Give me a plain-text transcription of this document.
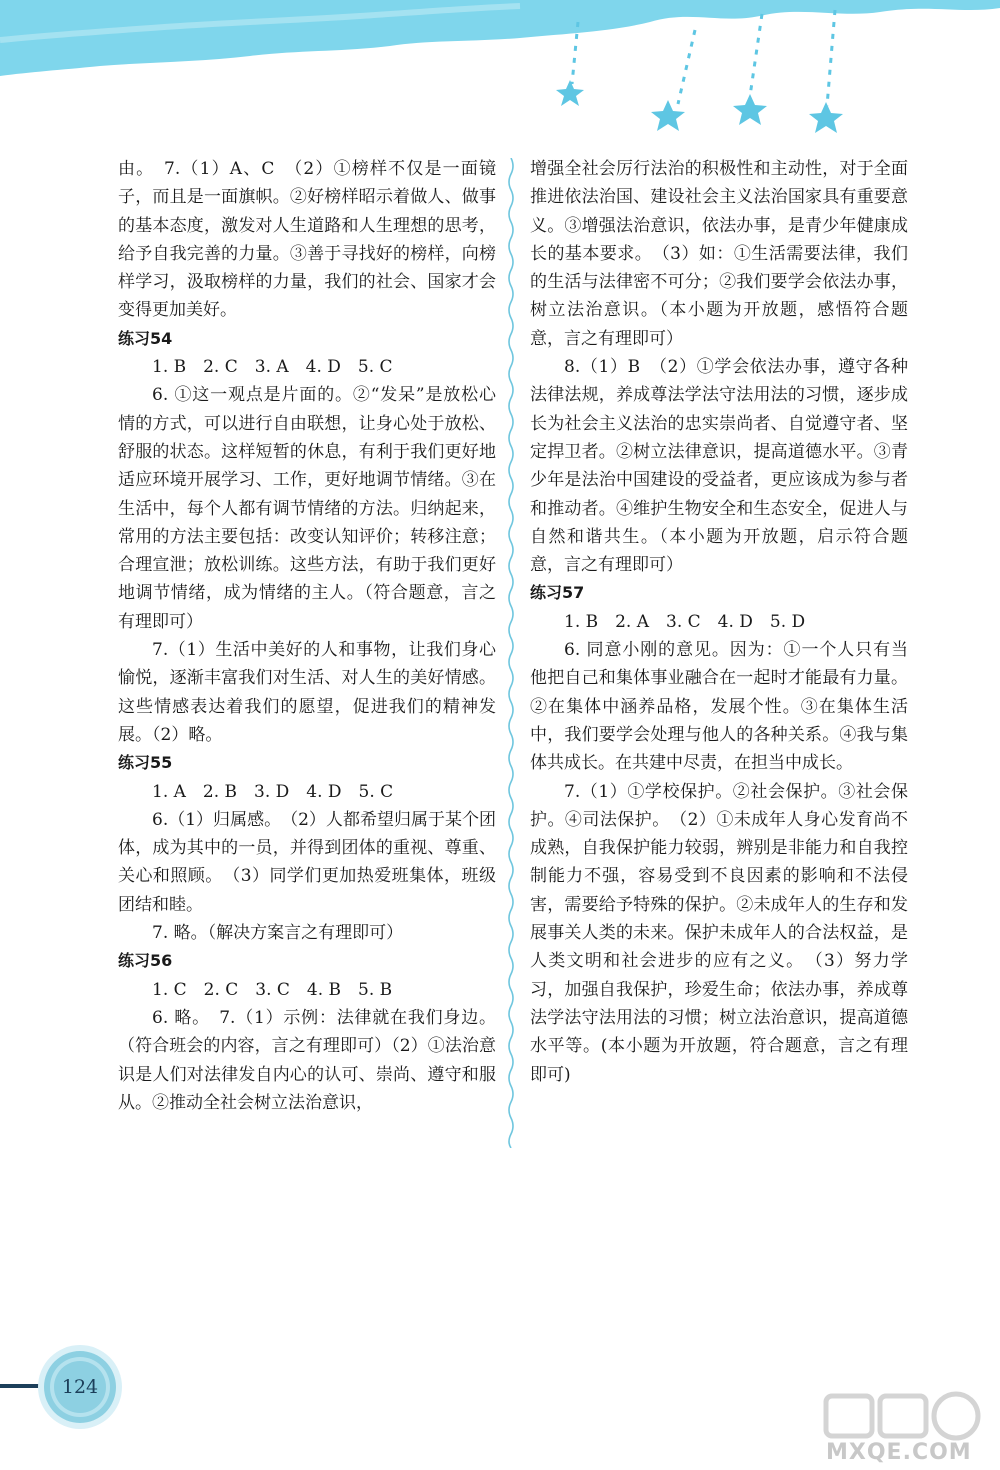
由。　7.（1）A、C　（2）①榜样不仅是一面镜子，而且是一面旗帜。②好榜样昭示着做人、做事的基本态度，激发对人生道路和人生理想的思考，给予自我完善的力量。③善于寻找好的榜样，向榜样学习，汲取榜样的力量，我们的社会、国家才会变得更加美好。

练习54

1. B　2. C　3. A　4. D　5. C

6. ①这一观点是片面的。②“发呆”是放松心情的方式，可以进行自由联想，让身心处于放松、舒服的状态。这样短暂的休息，有利于我们更好地适应环境开展学习、工作，更好地调节情绪。③在生活中，每个人都有调节情绪的方法。归纳起来，常用的方法主要包括：改变认知评价；转移注意；合理宣泄；放松训练。这些方法，有助于我们更好地调节情绪，成为情绪的主人。（符合题意，言之有理即可）

7.（1）生活中美好的人和事物，让我们身心愉悦，逐渐丰富我们对生活、对人生的美好情感。这些情感表达着我们的愿望，促进我们的精神发展。（2）略。

练习55

1. A　2. B　3. D　4. D　5. C

6.（1）归属感。　（2）人都希望归属于某个团体，成为其中的一员，并得到团体的重视、尊重、关心和照顾。　（3）同学们更加热爱班集体，班级团结和睦。

7. 略。（解决方案言之有理即可）

练习56

1. C　2. C　3. C　4. B　5. B

6. 略。　7.（1）示例：法律就在我们身边。（符合班会的内容，言之有理即可）（2）①法治意识是人们对法律发自内心的认可、崇尚、遵守和服从。②推动全社会树立法治意识，

增强全社会厉行法治的积极性和主动性，对于全面推进依法治国、建设社会主义法治国家具有重要意义。③增强法治意识，依法办事，是青少年健康成长的基本要求。　（3）如：①生活需要法律，我们的生活与法律密不可分；②我们要学会依法办事，树立法治意识。（本小题为开放题，感悟符合题意，言之有理即可）

8.（1）B　（2）①学会依法办事，遵守各种法律法规，养成尊法学法守法用法的习惯，逐步成长为社会主义法治的忠实崇尚者、自觉遵守者、坚定捍卫者。②树立法律意识，提高道德水平。③青少年是法治中国建设的受益者，更应该成为参与者和推动者。④维护生物安全和生态安全，促进人与自然和谐共生。（本小题为开放题，启示符合题意，言之有理即可）

练习57

1. B　2. A　3. C　4. D　5. D

6. 同意小刚的意见。因为：①一个人只有当他把自己和集体事业融合在一起时才能最有力量。②在集体中涵养品格，发展个性。③在集体生活中，我们要学会处理与他人的各种关系。④我与集体共成长。在共建中尽责，在担当中成长。

7.（1）①学校保护。②社会保护。③社会保护。④司法保护。　（2）①未成年人身心发育尚不成熟，自我保护能力较弱，辨别是非能力和自我控制能力不强，容易受到不良因素的影响和不法侵害，需要给予特殊的保护。②未成年人的生存和发展事关人类的未来。保护未成年人的合法权益，是人类文明和社会进步的应有之义。　（3）努力学习，加强自我保护，珍爱生命；依法办事，养成尊法学法守法用法的习惯；树立法治意识，提高道德水平等。(本小题为开放题，符合题意，言之有理即可)

124
MXQE.COM
